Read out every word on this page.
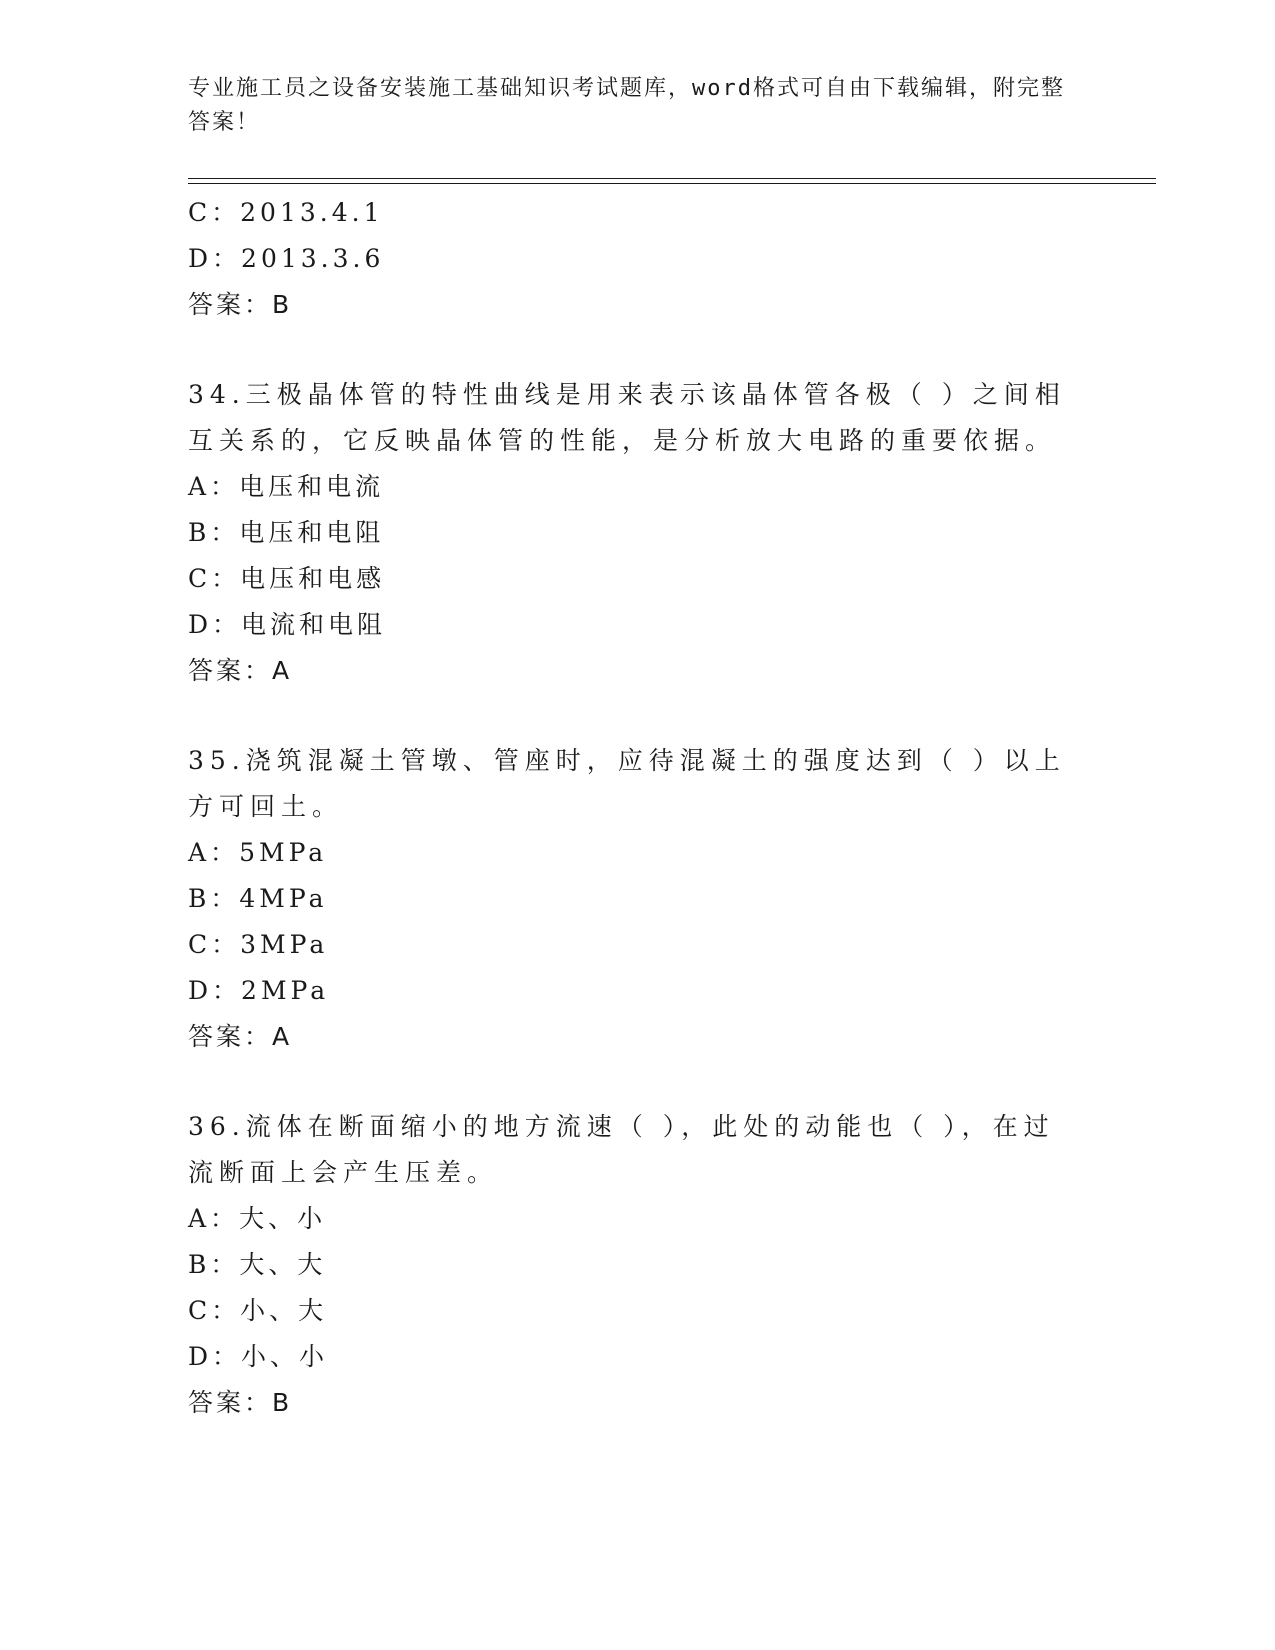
专业施工员之设备安装施工基础知识考试题库，word格式可自由下载编辑，附完整答案！
C：2013.4.1
D：2013.3.6
答案：B
34.三极晶体管的特性曲线是用来表示该晶体管各极（ ）之间相互关系的，它反映晶体管的性能，是分析放大电路的重要依据。
A：电压和电流
B：电压和电阻
C：电压和电感
D：电流和电阻
答案：A
35.浇筑混凝土管墩、管座时，应待混凝土的强度达到（ ）以上方可回土。
A：5MPa
B：4MPa
C：3MPa
D：2MPa
答案：A
36.流体在断面缩小的地方流速（ ），此处的动能也（ ），在过流断面上会产生压差。
A：大、小
B：大、大
C：小、大
D：小、小
答案：B
